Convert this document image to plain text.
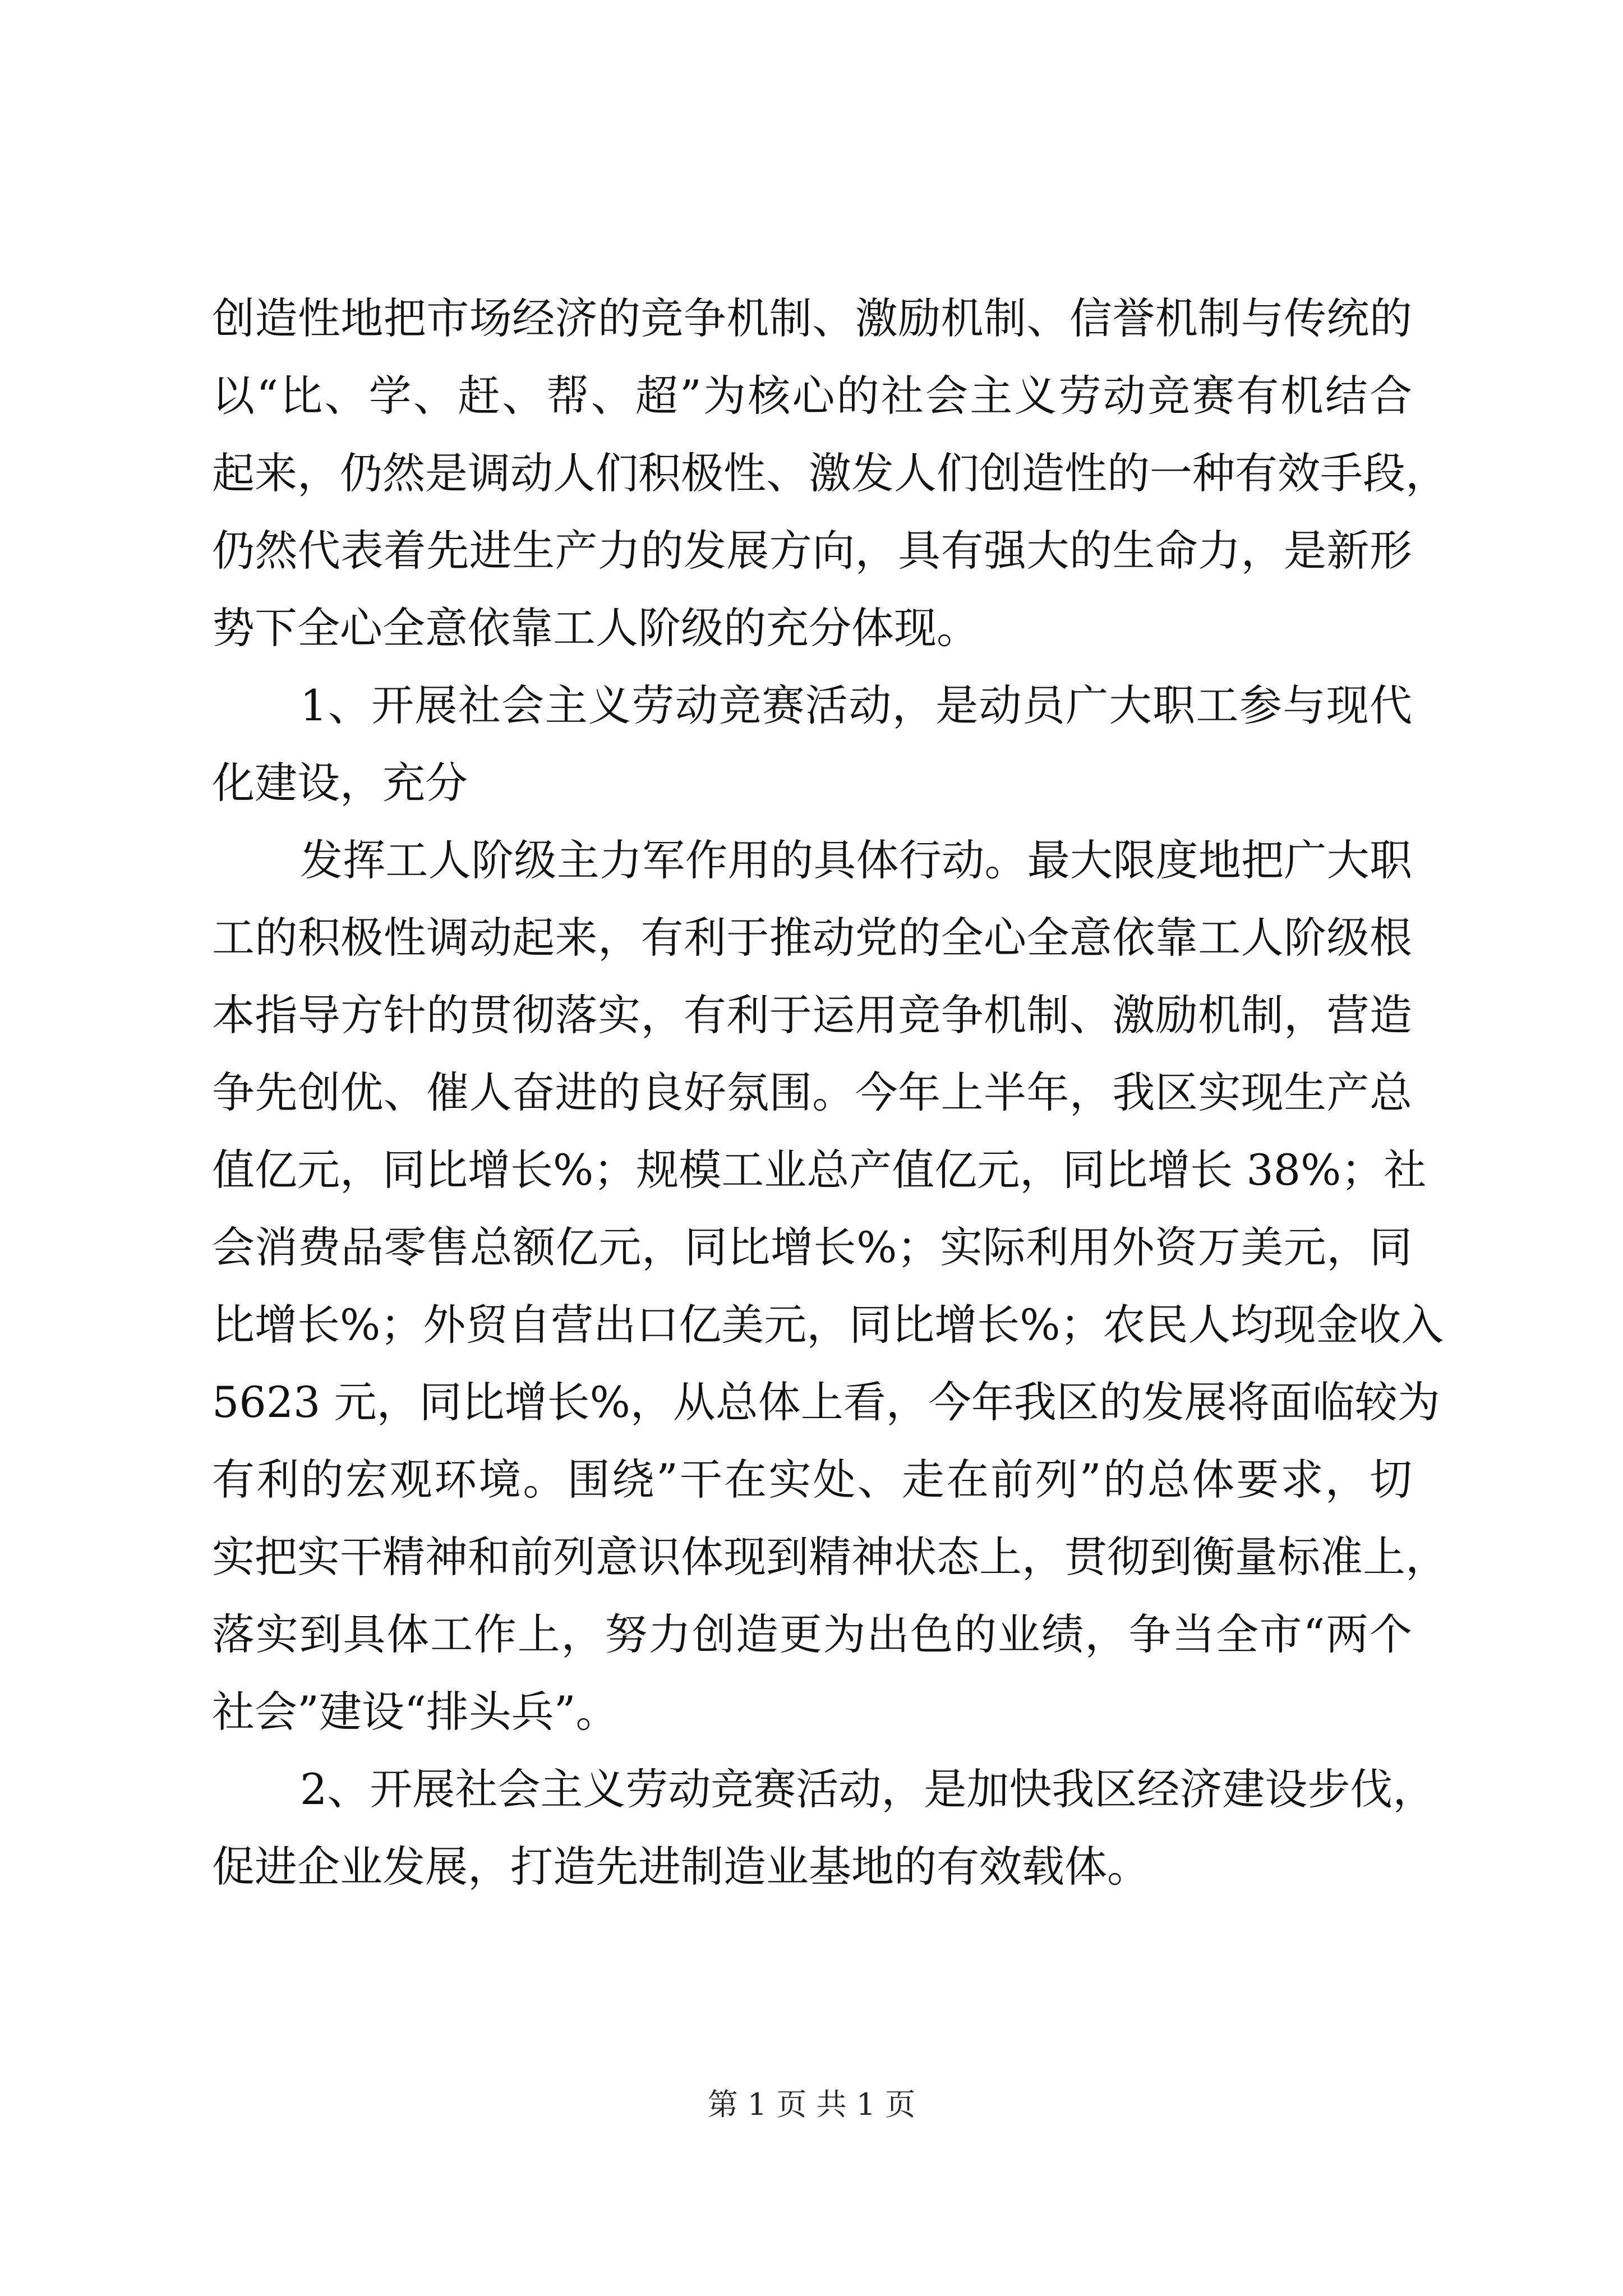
创造性地把市场经济的竞争机制、激励机制、信誉机制与传统的
以“比、学、赶、帮、超”为核心的社会主义劳动竞赛有机结合
起来，仍然是调动人们积极性、激发人们创造性的一种有效手段，
仍然代表着先进生产力的发展方向，具有强大的生命力，是新形
势下全心全意依靠工人阶级的充分体现。
1、开展社会主义劳动竞赛活动，是动员广大职工参与现代
化建设，充分
发挥工人阶级主力军作用的具体行动。最大限度地把广大职
工的积极性调动起来，有利于推动党的全心全意依靠工人阶级根
本指导方针的贯彻落实，有利于运用竞争机制、激励机制，营造
争先创优、催人奋进的良好氛围。今年上半年，我区实现生产总
值亿元，同比增长%；规模工业总产值亿元，同比增长 38%；社
会消费品零售总额亿元，同比增长%；实际利用外资万美元，同
比增长%；外贸自营出口亿美元，同比增长%；农民人均现金收入
5623 元，同比增长%，从总体上看，今年我区的发展将面临较为
有利的宏观环境。围绕”干在实处、走在前列”的总体要求，切
实把实干精神和前列意识体现到精神状态上，贯彻到衡量标准上，
落实到具体工作上，努力创造更为出色的业绩，争当全市“两个
社会”建设“排头兵”。
2、开展社会主义劳动竞赛活动，是加快我区经济建设步伐，
促进企业发展，打造先进制造业基地的有效载体。
第 1 页 共 1 页
